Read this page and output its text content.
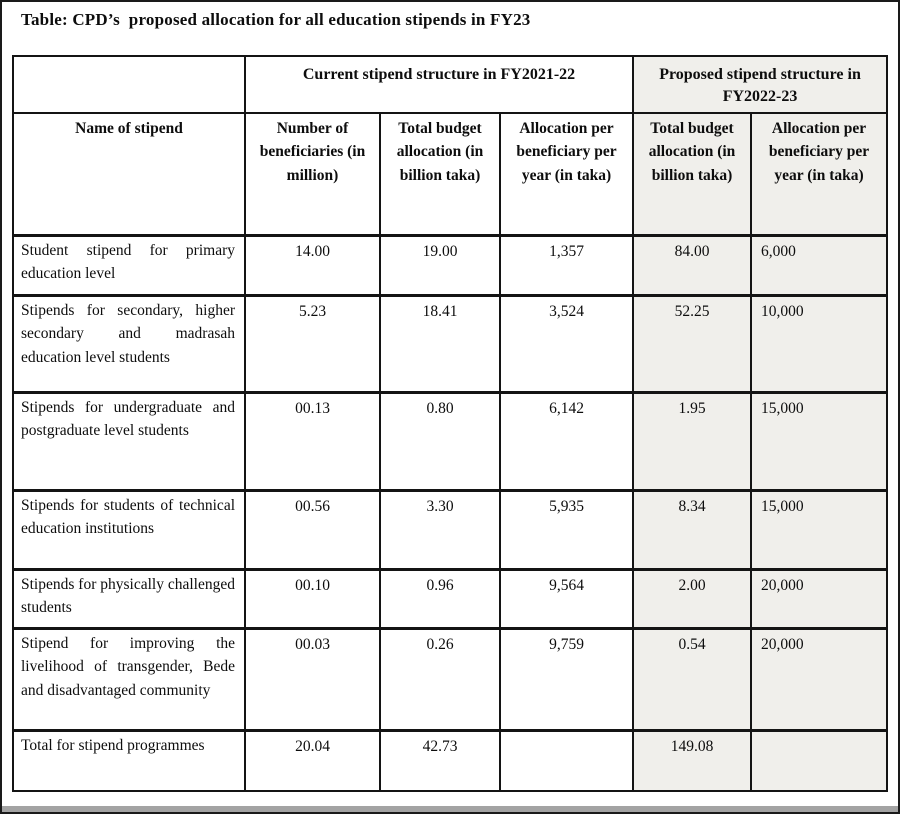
Table: CPD’s  proposed allocation for all education stipends in FY23
	Current stipend structure in FY2021-22			Proposed stipend structure in FY2022-23	
Name of stipend	Number of beneficiaries (in million)	Total budget allocation (in billion taka)	Allocation per beneficiary per year (in taka)	Total budget allocation (in billion taka)	Allocation per beneficiary per year (in taka)
Student stipend for primary education level	14.00	19.00	1,357	84.00	6,000
Stipends for secondary, higher secondary and madrasah education level students	5.23	18.41	3,524	52.25	10,000
Stipends for undergraduate and postgraduate level students	00.13	0.80	6,142	1.95	15,000
Stipends for students of technical education institutions	00.56	3.30	5,935	8.34	15,000
Stipends for physically challenged students	00.10	0.96	9,564	2.00	20,000
Stipend for improving the livelihood of transgender, Bede and disadvantaged community	00.03	0.26	9,759	0.54	20,000
Total for stipend programmes	20.04	42.73		149.08	
